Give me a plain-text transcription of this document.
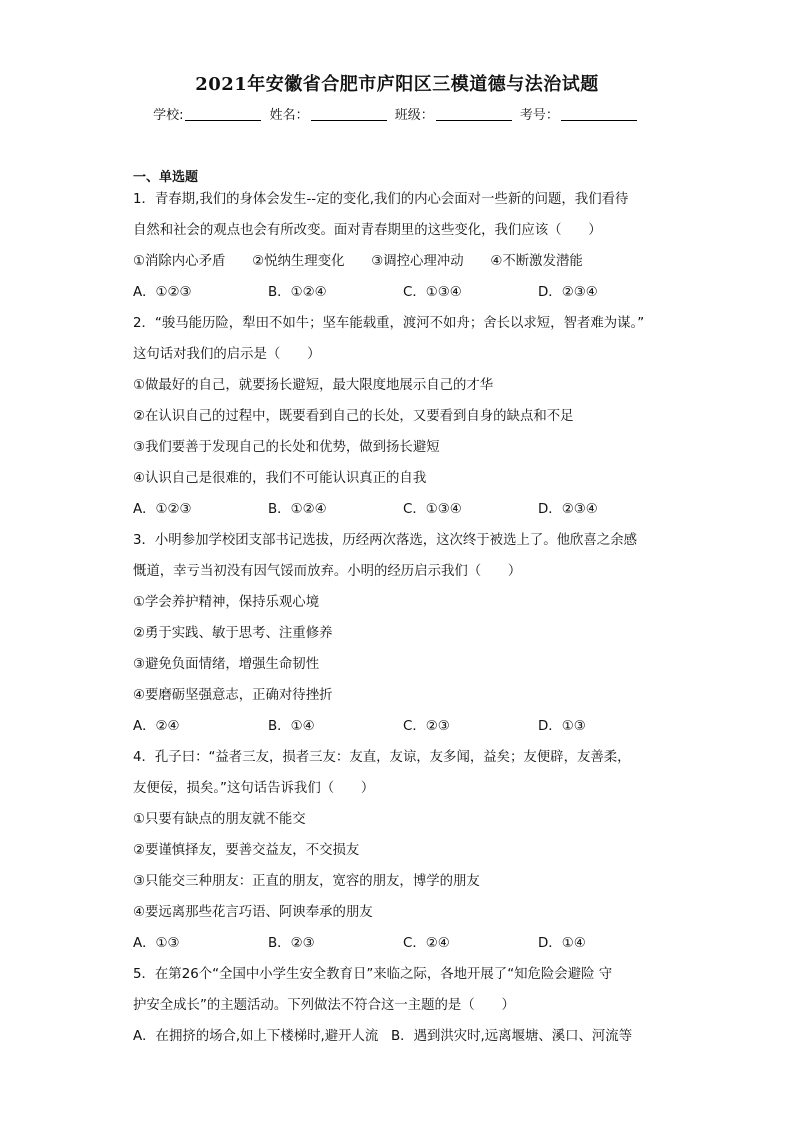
2021年安徽省合肥市庐阳区三模道德与法治试题
学校:	姓名：	班级：	考号：
一、单选题
1．青春期,我们的身体会发生--定的变化,我们的内心会面对一些新的问题，我们看待
自然和社会的观点也会有所改变。面对青春期里的这些变化，我们应该（　　）
①消除内心矛盾　　②悦纳生理变化　　③调控心理冲动　　④不断激发潜能
A．①②③	B．①②④	C．①③④	D．②③④
2．“骏马能历险，犁田不如牛；坚车能载重，渡河不如舟；舍长以求短，智者难为谋。”
这句话对我们的启示是（　　）
①做最好的自己，就要扬长避短，最大限度地展示自己的才华
②在认识自己的过程中，既要看到自己的长处，又要看到自身的缺点和不足
③我们要善于发现自己的长处和优势，做到扬长避短
④认识自己是很难的，我们不可能认识真正的自我
A．①②③	B．①②④	C．①③④	D．②③④
3．小明参加学校团支部书记选拔，历经两次落选，这次终于被选上了。他欣喜之余感
慨道，幸亏当初没有因气馁而放弃。小明的经历启示我们（　　）
①学会养护精神，保持乐观心境
②勇于实践、敏于思考、注重修养
③避免负面情绪，增强生命韧性
④要磨砺坚强意志，正确对待挫折
A．②④	B．①④	C．②③	D．①③
4．孔子曰：“益者三友，损者三友：友直，友谅，友多闻，益矣；友便辟，友善柔，
友便佞，损矣。”这句话告诉我们（　　）
①只要有缺点的朋友就不能交
②要谨慎择友，要善交益友，不交损友
③只能交三种朋友：正直的朋友，宽容的朋友，博学的朋友
④要远离那些花言巧语、阿谀奉承的朋友
A．①③	B．②③	C．②④	D．①④
5．在第26个“全国中小学生安全教育日”来临之际，各地开展了“知危险会避险 守
护安全成长”的主题活动。下列做法不符合这一主题的是（　　）
A．在拥挤的场合,如上下楼梯时,避开人流 B．遇到洪灾时,远离堰塘、溪口、河流等
